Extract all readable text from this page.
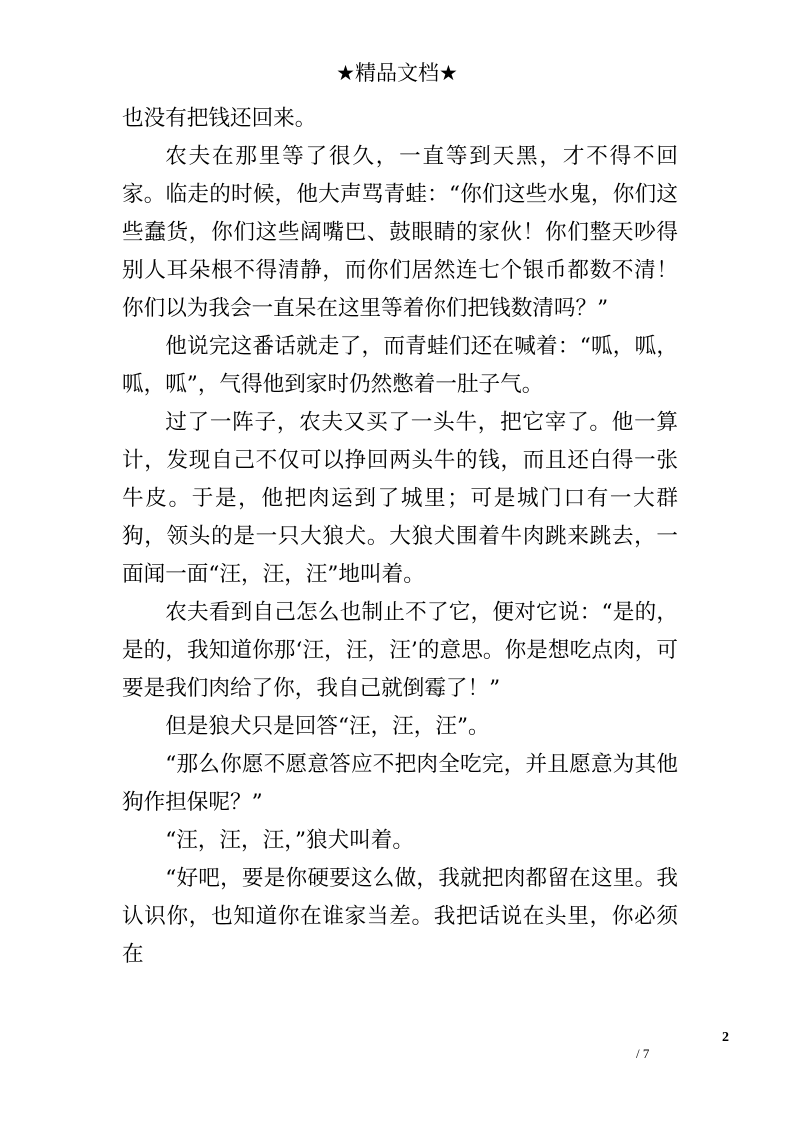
★精品文档★

也没有把钱还回来。

农夫在那里等了很久，一直等到天黑，才不得不回家。临走的时候，他大声骂青蛙：“你们这些水鬼，你们这些蠢货，你们这些阔嘴巴、鼓眼睛的家伙！你们整天吵得别人耳朵根不得清静，而你们居然连七个银币都数不清！你们以为我会一直呆在这里等着你们把钱数清吗？”

他说完这番话就走了，而青蛙们还在喊着：“呱，呱，呱，呱”，气得他到家时仍然憋着一肚子气。

过了一阵子，农夫又买了一头牛，把它宰了。他一算计，发现自己不仅可以挣回两头牛的钱，而且还白得一张牛皮。于是，他把肉运到了城里；可是城门口有一大群狗，领头的是一只大狼犬。大狼犬围着牛肉跳来跳去，一面闻一面“汪，汪，汪”地叫着。

农夫看到自己怎么也制止不了它，便对它说：“是的，是的，我知道你那‘汪，汪，汪’的意思。你是想吃点肉，可要是我们肉给了你，我自己就倒霉了！”

但是狼犬只是回答“汪，汪，汪”。

“那么你愿不愿意答应不把肉全吃完，并且愿意为其他狗作担保呢？”

“汪，汪，汪，”狼犬叫着。

“好吧，要是你硬要这么做，我就把肉都留在这里。我认识你，也知道你在谁家当差。我把话说在头里，你必须在

2
/ 7
